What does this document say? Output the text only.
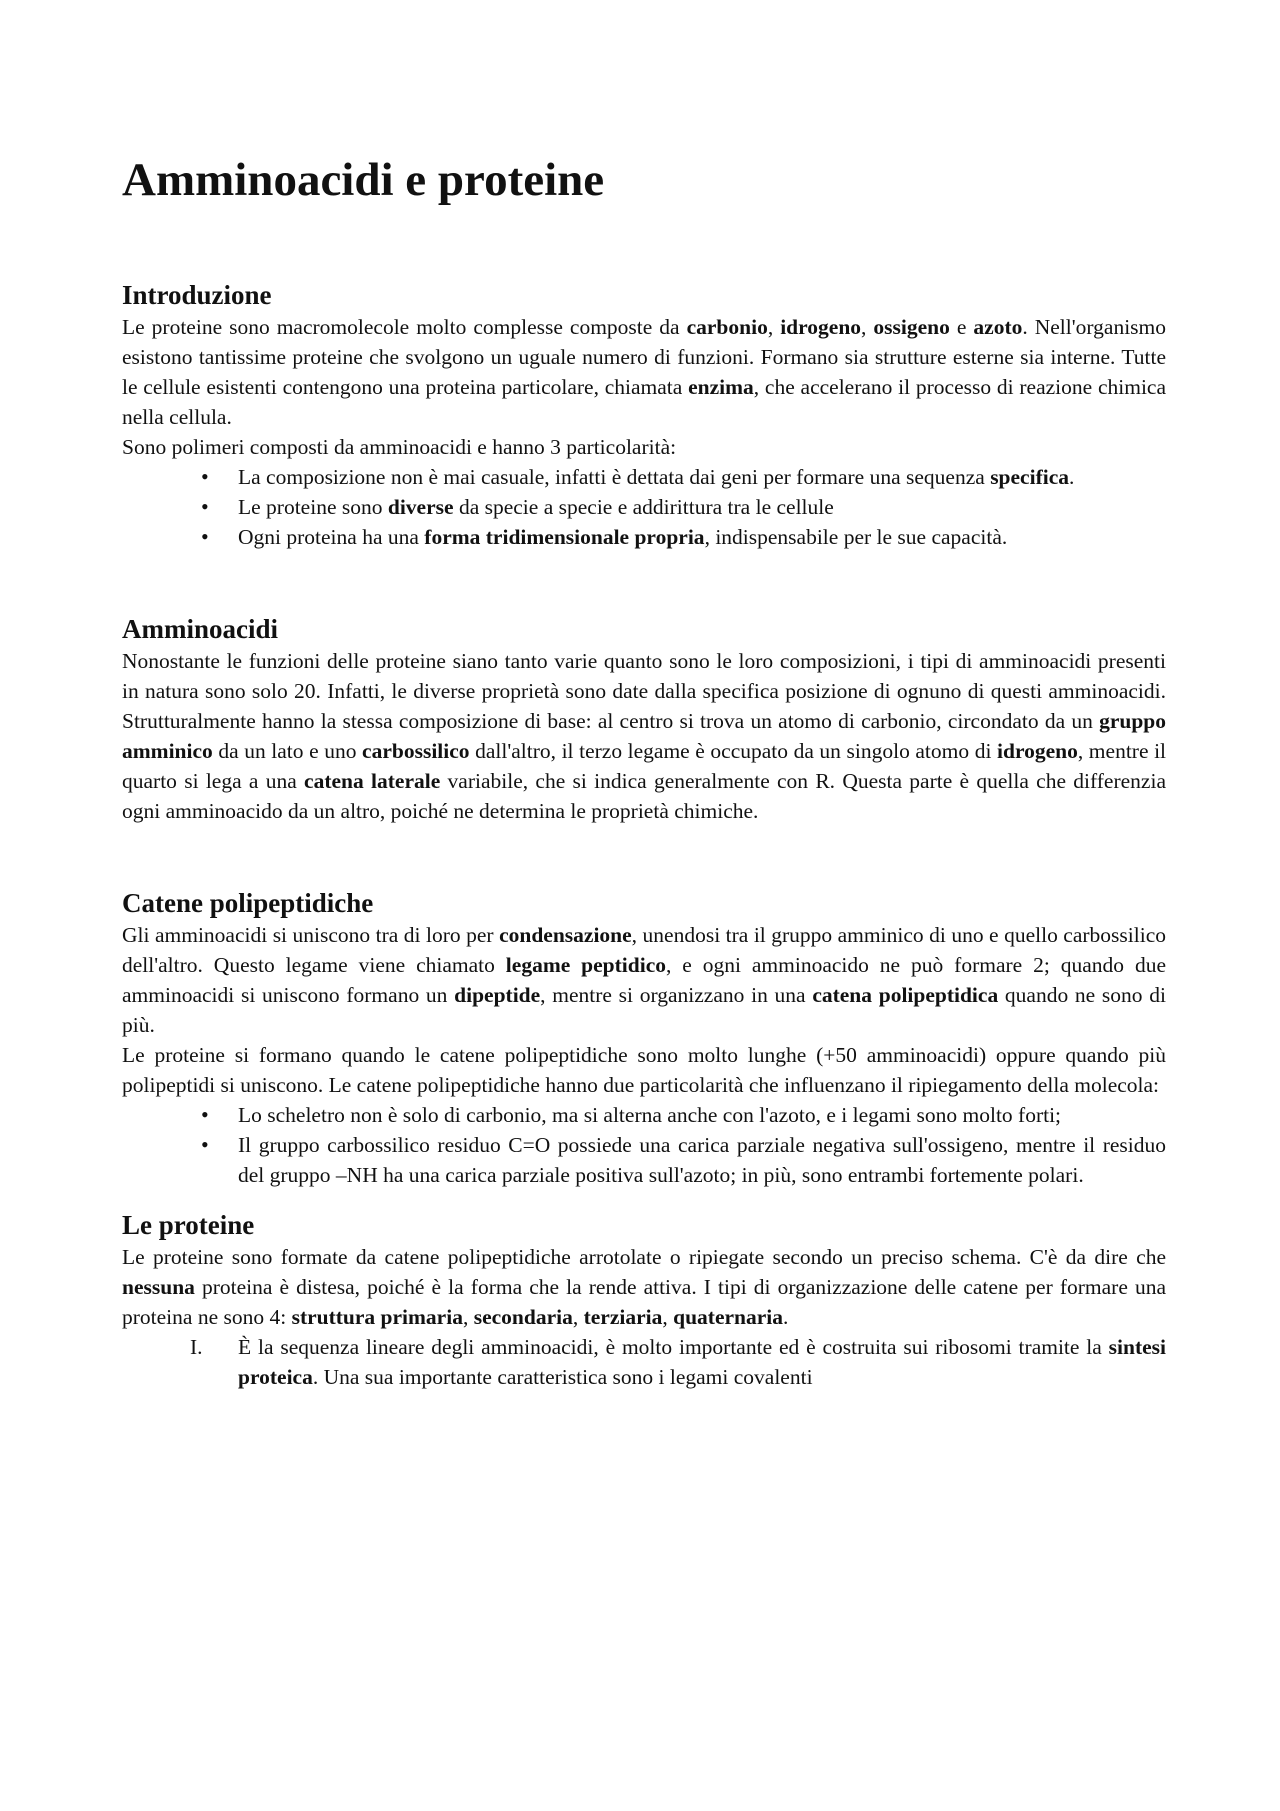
Amminoacidi e proteine
Introduzione

Le proteine sono macromolecole molto complesse composte da carbonio, idrogeno, ossigeno e azoto. Nell'organismo esistono tantissime proteine che svolgono un uguale numero di funzioni. Formano sia strutture esterne sia interne. Tutte le cellule esistenti contengono una proteina particolare, chiamata enzima, che accelerano il processo di reazione chimica nella cellula.

Sono polimeri composti da amminoacidi e hanno 3 particolarità:

• La composizione non è mai casuale, infatti è dettata dai geni per formare una sequenza specifica.
• Le proteine sono diverse da specie a specie e addirittura tra le cellule
• Ogni proteina ha una forma tridimensionale propria, indispensabile per le sue capacità.
Amminoacidi

Nonostante le funzioni delle proteine siano tanto varie quanto sono le loro composizioni, i tipi di amminoacidi presenti in natura sono solo 20. Infatti, le diverse proprietà sono date dalla specifica posizione di ognuno di questi amminoacidi. Strutturalmente hanno la stessa composizione di base: al centro si trova un atomo di carbonio, circondato da un gruppo amminico da un lato e uno carbossilico dall'altro, il terzo legame è occupato da un singolo atomo di idrogeno, mentre il quarto si lega a una catena laterale variabile, che si indica generalmente con R. Questa parte è quella che differenzia ogni amminoacido da un altro, poiché ne determina le proprietà chimiche.

Catene polipeptidiche

Gli amminoacidi si uniscono tra di loro per condensazione, unendosi tra il gruppo amminico di uno e quello carbossilico dell'altro. Questo legame viene chiamato legame peptidico, e ogni amminoacido ne può formare 2; quando due amminoacidi si uniscono formano un dipeptide, mentre si organizzano in una catena polipeptidica quando ne sono di più.

Le proteine si formano quando le catene polipeptidiche sono molto lunghe (+50 amminoacidi) oppure quando più polipeptidi si uniscono. Le catene polipeptidiche hanno due particolarità che influenzano il ripiegamento della molecola:

• Lo scheletro non è solo di carbonio, ma si alterna anche con l'azoto, e i legami sono molto forti;
• Il gruppo carbossilico residuo C=O possiede una carica parziale negativa sull'ossigeno, mentre il residuo del gruppo –NH ha una carica parziale positiva sull'azoto; in più, sono entrambi fortemente polari.
Le proteine

Le proteine sono formate da catene polipeptidiche arrotolate o ripiegate secondo un preciso schema. C'è da dire che nessuna proteina è distesa, poiché è la forma che la rende attiva. I tipi di organizzazione delle catene per formare una proteina ne sono 4: struttura primaria, secondaria, terziaria, quaternaria.

I. È la sequenza lineare degli amminoacidi, è molto importante ed è costruita sui ribosomi tramite la sintesi proteica. Una sua importante caratteristica sono i legami covalenti
